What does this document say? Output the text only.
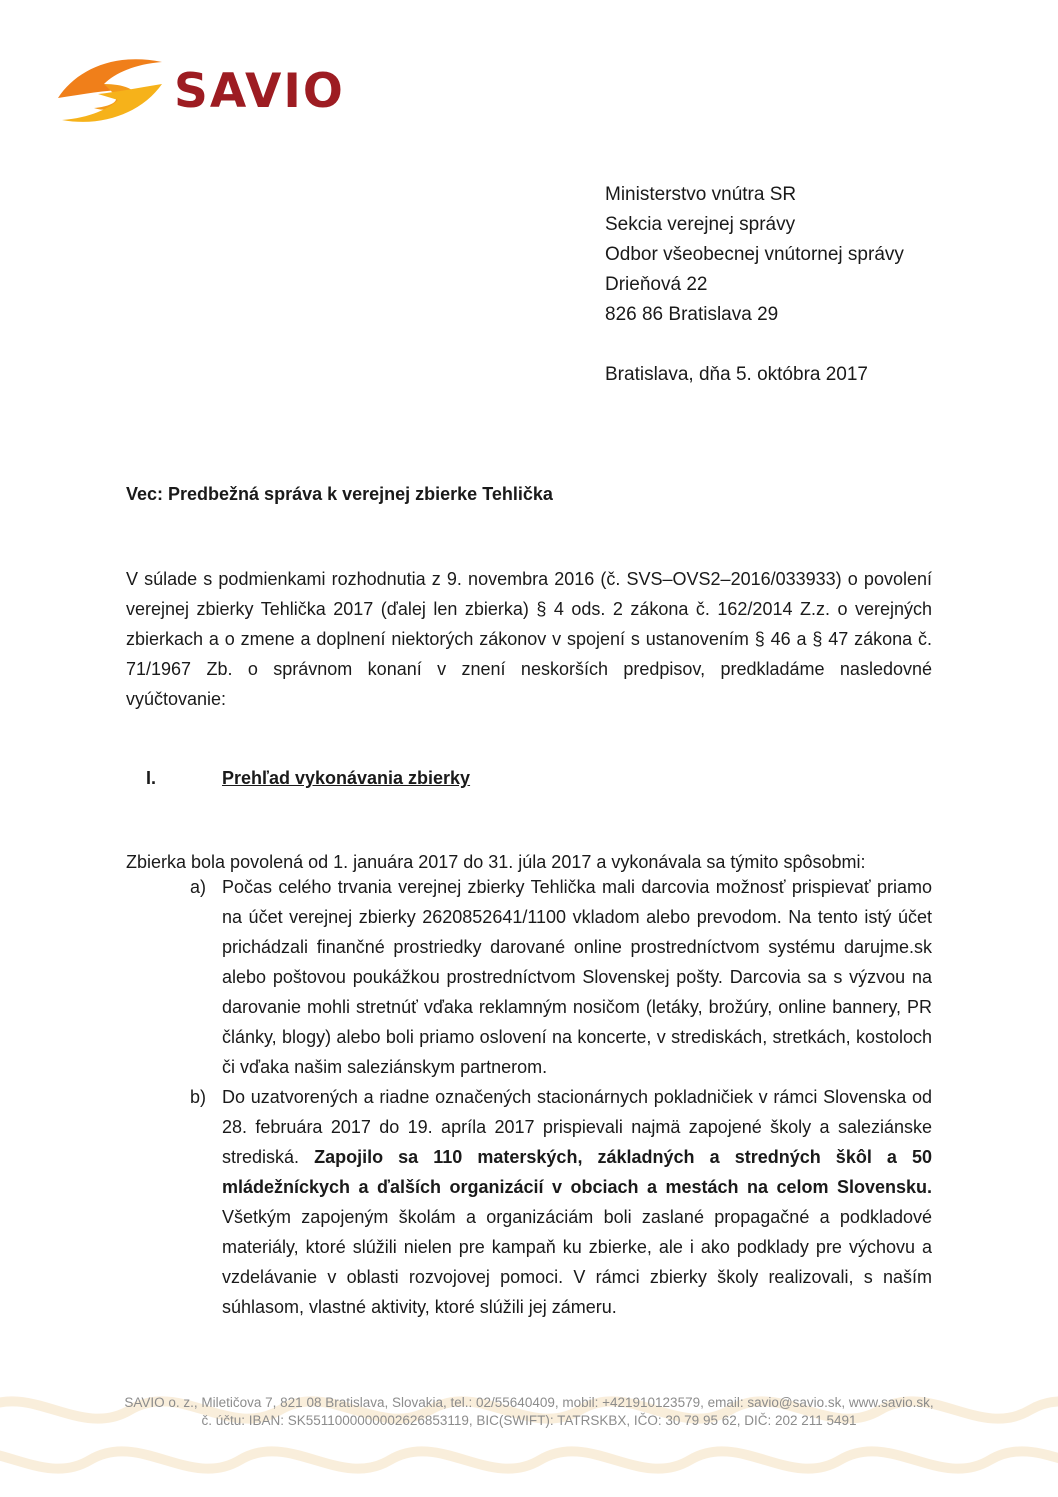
SAVIO
Ministerstvo vnútra SR
Sekcia verejnej správy
Odbor všeobecnej vnútornej správy
Drieňová 22
826 86 Bratislava 29
Bratislava, dňa 5. októbra 2017
Vec: Predbežná správa k verejnej zbierke Tehlička
V súlade s podmienkami rozhodnutia z 9. novembra 2016 (č. SVS–OVS2–2016/033933) o povolení verejnej zbierky Tehlička 2017 (ďalej len zbierka) § 4 ods. 2 zákona č. 162/2014 Z.z. o verejných zbierkach a o zmene a doplnení niektorých zákonov v spojení s ustanovením § 46 a § 47 zákona č. 71/1967 Zb. o správnom konaní v znení neskorších predpisov, predkladáme nasledovné vyúčtovanie:
I.	Prehľad vykonávania zbierky
Zbierka bola povolená od 1. januára 2017 do 31. júla 2017 a vykonávala sa týmito spôsobmi:
a) Počas celého trvania verejnej zbierky Tehlička mali darcovia možnosť prispievať priamo na účet verejnej zbierky 2620852641/1100 vkladom alebo prevodom. Na tento istý účet prichádzali finančné prostriedky darované online prostredníctvom systému darujme.sk alebo poštovou poukážkou prostredníctvom Slovenskej pošty. Darcovia sa s výzvou na darovanie mohli stretnúť vďaka reklamným nosičom (letáky, brožúry, online bannery, PR články, blogy) alebo boli priamo oslovení na koncerte, v strediskách, stretkách, kostoloch či vďaka našim saleziánskym partnerom.
b) Do uzatvorených a riadne označených stacionárnych pokladničiek v rámci Slovenska od 28. februára 2017 do 19. apríla 2017 prispievali najmä zapojené školy a saleziánske strediská. Zapojilo sa 110 materských, základných a stredných škôl a 50 mládežníckych a ďalších organizácií v obciach a mestách na celom Slovensku. Všetkým zapojeným školám a organizáciám boli zaslané propagačné a podkladové materiály, ktoré slúžili nielen pre kampaň ku zbierke, ale i ako podklady pre výchovu a vzdelávanie v oblasti rozvojovej pomoci. V rámci zbierky školy realizovali, s naším súhlasom, vlastné aktivity, ktoré slúžili jej zámeru.
SAVIO o. z., Miletičova 7, 821 08 Bratislava, Slovakia, tel.: 02/55640409, mobil: +421910123579, email: savio@savio.sk, www.savio.sk,
č. účtu: IBAN: SK5511000000002626853119, BIC(SWIFT): TATRSKBX, IČO: 30 79 95 62, DIČ: 202 211 5491
